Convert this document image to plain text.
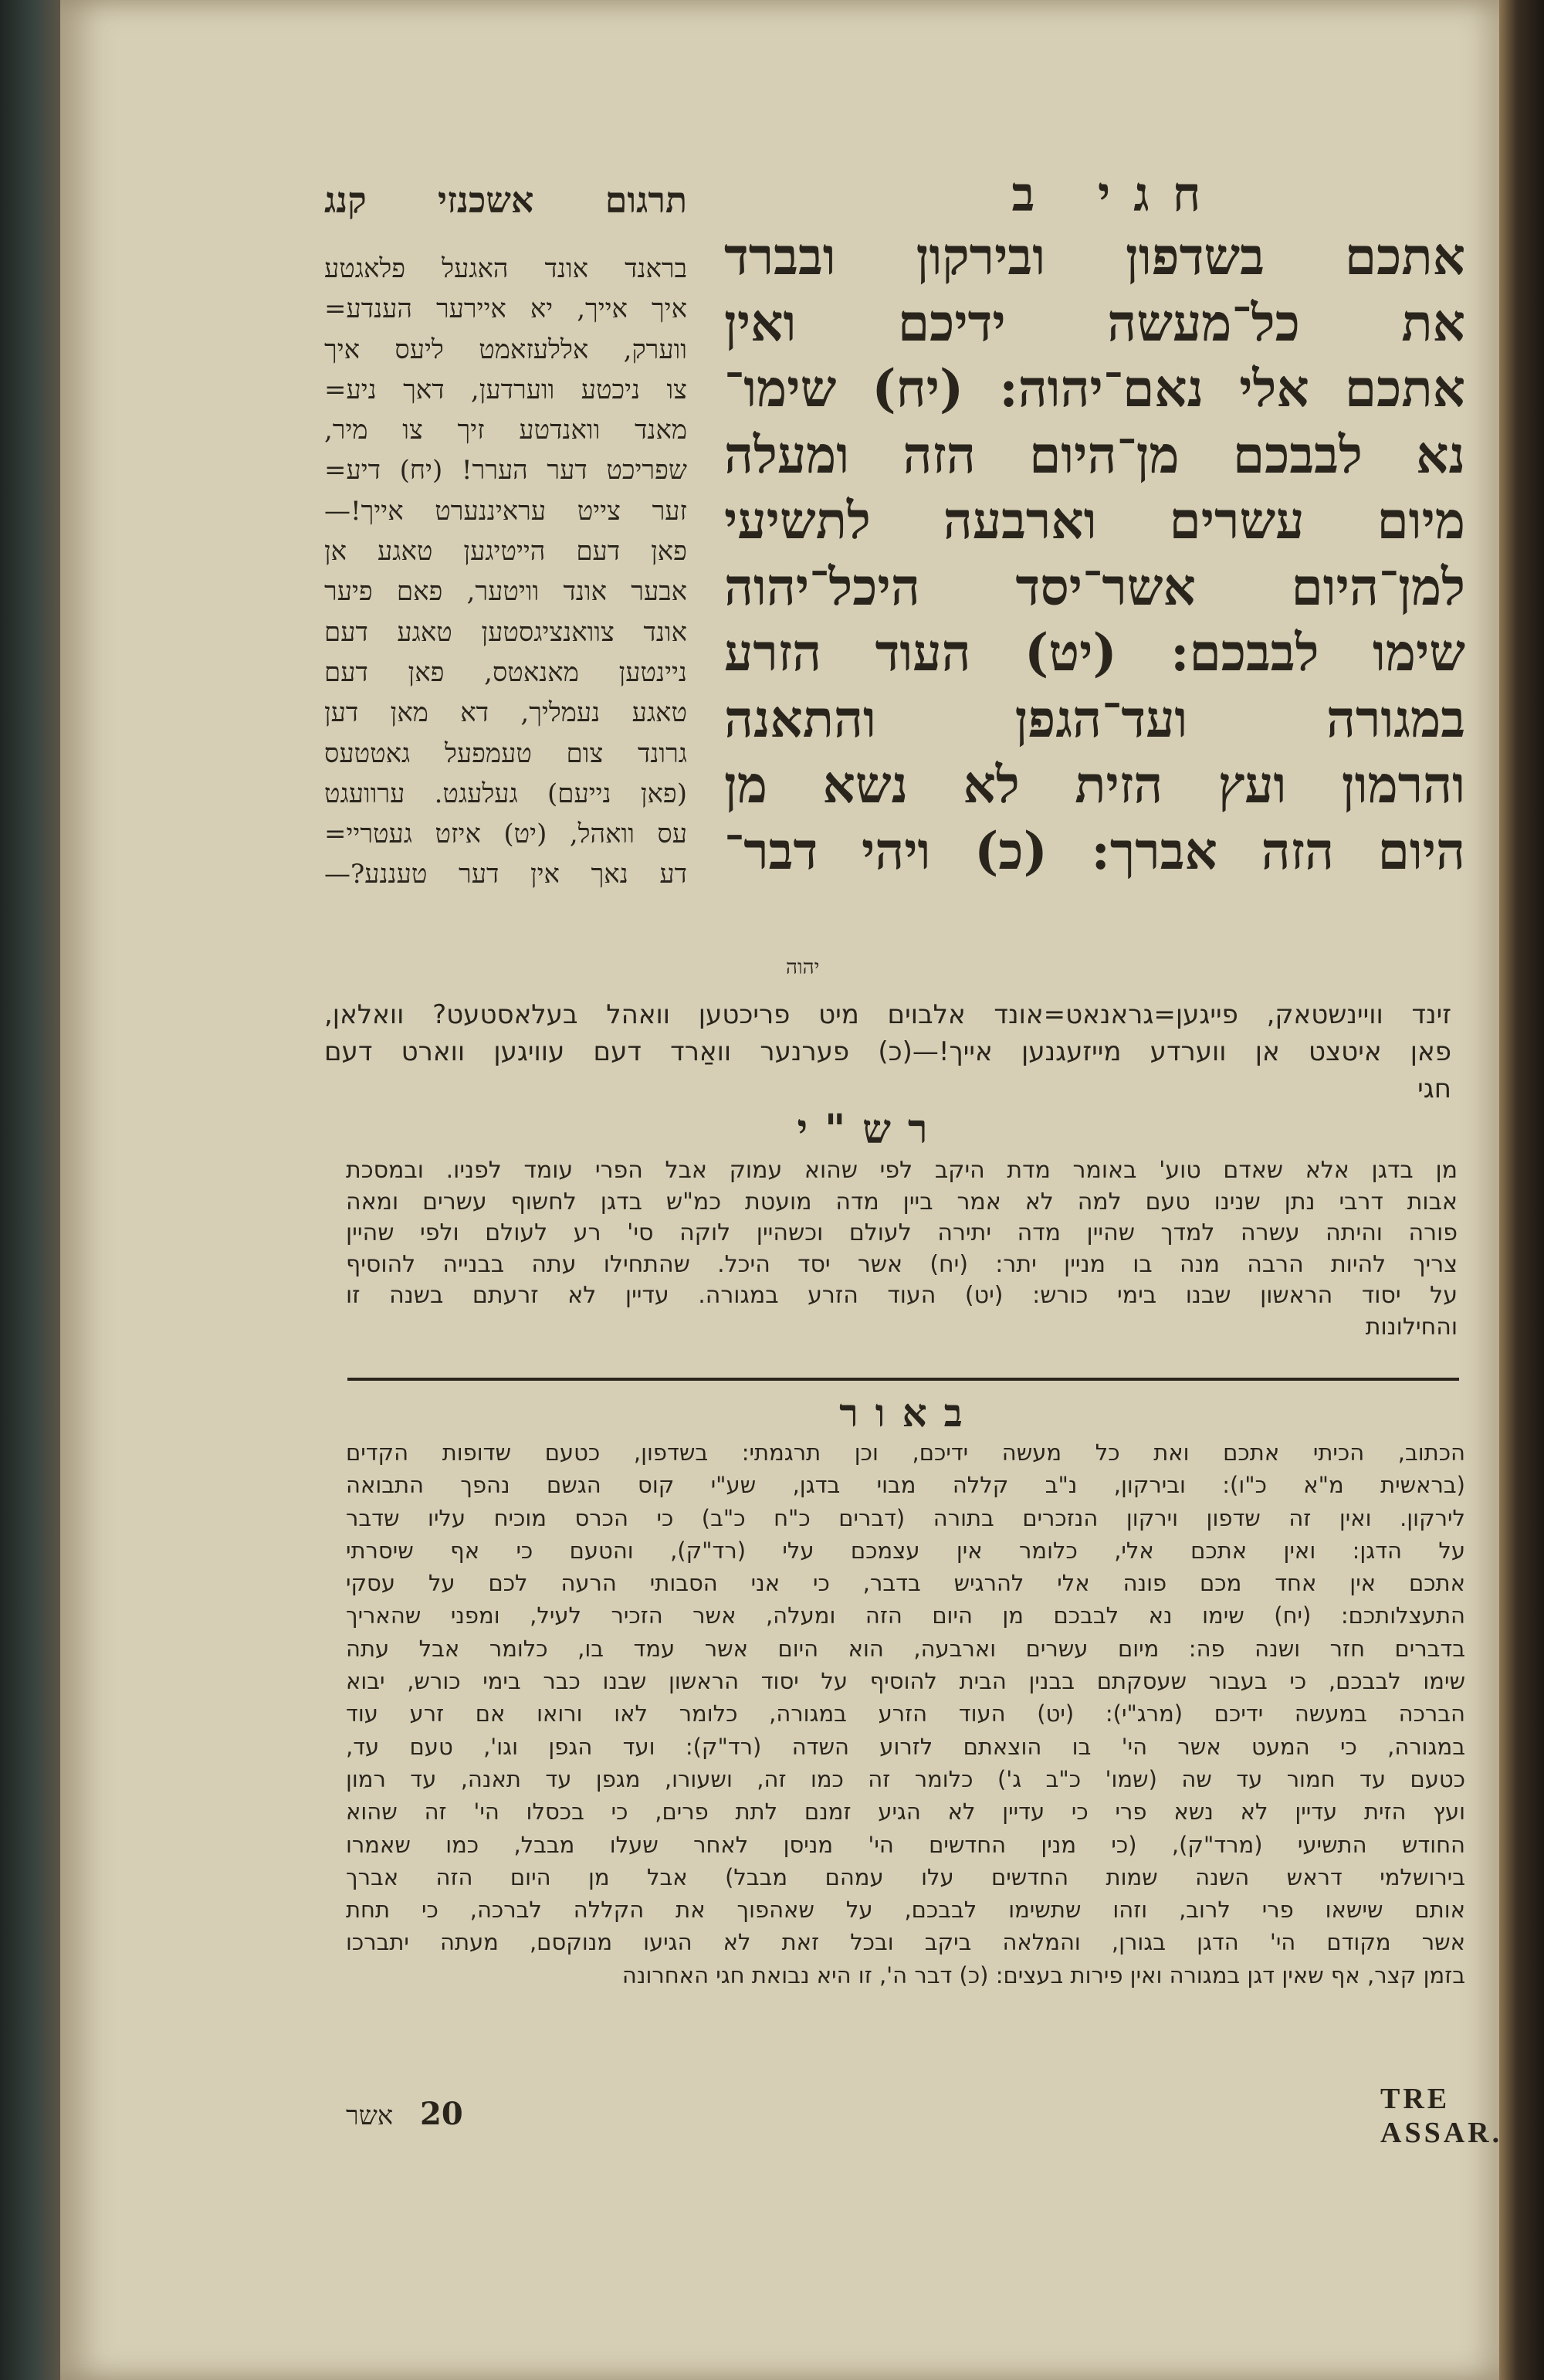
חגי ב
אתכם בשדפון ובירקון ובברד
את כל־מעשה ידיכם ואין
אתכם אלי נאם־יהוה: (יח) שימו־
נא לבבכם מן־היום הזה ומעלה
מיום עשרים וארבעה לתשיעי
למן־היום אשר־יסד היכל־יהוה
שימו לבבכם: (יט) העוד הזרע
במגורה ועד־הגפן והתאנה
והרמון ועץ הזית לא נשא מן
היום הזה אברך: (כ) ויהי דבר־
יהוה
תרגום אשכנזי קנג
בראנד אונד האגעל פלאגטע
איך אייך, יא איירער הענדע=
ווערק, אללעזאמט ליעס איך
צו ניכטע ווערדען, דאך ניע=
מאנד וואנדטע זיך צו מיר,
שפריכט דער הערר! (יח) דיע=
זער צייט עראיננערט אייך!—
פאן דעם הייטיגען טאגע אן
אבער אונד וויטער, פאם פיער
אונד צוואנציגסטען טאגע דעם
ניינטען מאנאטס, פאן דעם
טאגע נעמליך, דא מאן דען
גרונד צום טעמפעל גאטטעס
(פאן נייעם) געלעגט. ערוועגט
עס וואהל, (יט) איזט געטריי=
דע נאך אין דער טעננע?—
זינד וויינשטאק, פייגען=גראנאט=אונד אלבוים מיט פריכטען וואהל בעלאסטעט? וואלאן,
פאן איטצט אן ווערדע מייזעגנען אייך!—(כ) פערנער וואַרד דעם עוויגען ווארט דעם
חגי
רש"י
מן בדגן אלא שאדם טוע' באומר מדת היקב לפי שהוא עמוק אבל הפרי עומד לפניו. ובמסכת
אבות דרבי נתן שנינו טעם למה לא אמר ביין מדה מועטת כמ"ש בדגן לחשוף עשרים ומאה
פורה והיתה עשרה למדך שהיין מדה יתירה לעולם וכשהיין לוקה סי' רע לעולם ולפי שהיין
צריך להיות הרבה מנה בו מניין יתר: (יח) אשר יסד היכל. שהתחילו עתה בבנייה להוסיף
על יסוד הראשון שבנו בימי כורש: (יט) העוד הזרע במגורה. עדיין לא זרעתם בשנה זו
והחילונות
באור
הכתוב, הכיתי אתכם ואת כל מעשה ידיכם, וכן תרגמתי: בשדפון, כטעם שדופות הקדים
(בראשית מ"א כ"ו): ובירקון, נ"ב קללה מבוי בדגן, שע"י קוס הגשם נהפך התבואה
לירקון. ואין זה שדפון וירקון הנזכרים בתורה (דברים כ"ח כ"ב) כי הכרס מוכיח עליו שדבר
על הדגן: ואין אתכם אלי, כלומר אין עצמכם עלי (רד"ק), והטעם כי אף שיסרתי
אתכם אין אחד מכם פונה אלי להרגיש בדבר, כי אני הסבותי הרעה לכם על עסקי
התעצלותכם: (יח) שימו נא לבבכם מן היום הזה ומעלה, אשר הזכיר לעיל, ומפני שהאריך
בדברים חזר ושנה פה: מיום עשרים וארבעה, הוא היום אשר עמד בו, כלומר אבל עתה
שימו לבבכם, כי בעבור שעסקתם בבנין הבית להוסיף על יסוד הראשון שבנו כבר בימי כורש, יבוא
הברכה במעשה ידיכם (מרג"י): (יט) העוד הזרע במגורה, כלומר לאו ורואו אם זרע עוד
במגורה, כי המעט אשר הי' בו הוצאתם לזרוע השדה (רד"ק): ועד הגפן וגו', טעם עד,
כטעם עד חמור עד שה (שמו' כ"ב ג') כלומר זה כמו זה, ושעורו, מגפן עד תאנה, עד רמון
ועץ הזית עדיין לא נשא פרי כי עדיין לא הגיע זמנם לתת פרים, כי בכסלו הי' זה שהוא
החודש התשיעי (מרד"ק), (כי מנין החדשים הי' מניסן לאחר שעלו מבבל, כמו שאמרו
בירושלמי דראש השנה שמות החדשים עלו עמהם מבבל) אבל מן היום הזה אברך
אותם שישאו פרי לרוב, וזהו שתשימו לבבכם, על שאהפוך את הקללה לברכה, כי תחת
אשר מקודם הי' הדגן בגורן, והמלאה ביקב ובכל זאת לא הגיעו מנוקסם, מעתה יתברכו
בזמן קצר, אף שאין דגן במגורה ואין פירות בעצים: (כ) דבר ה', זו היא נבואת חגי האחרונה
אשר 20	TRE ASSAR.
